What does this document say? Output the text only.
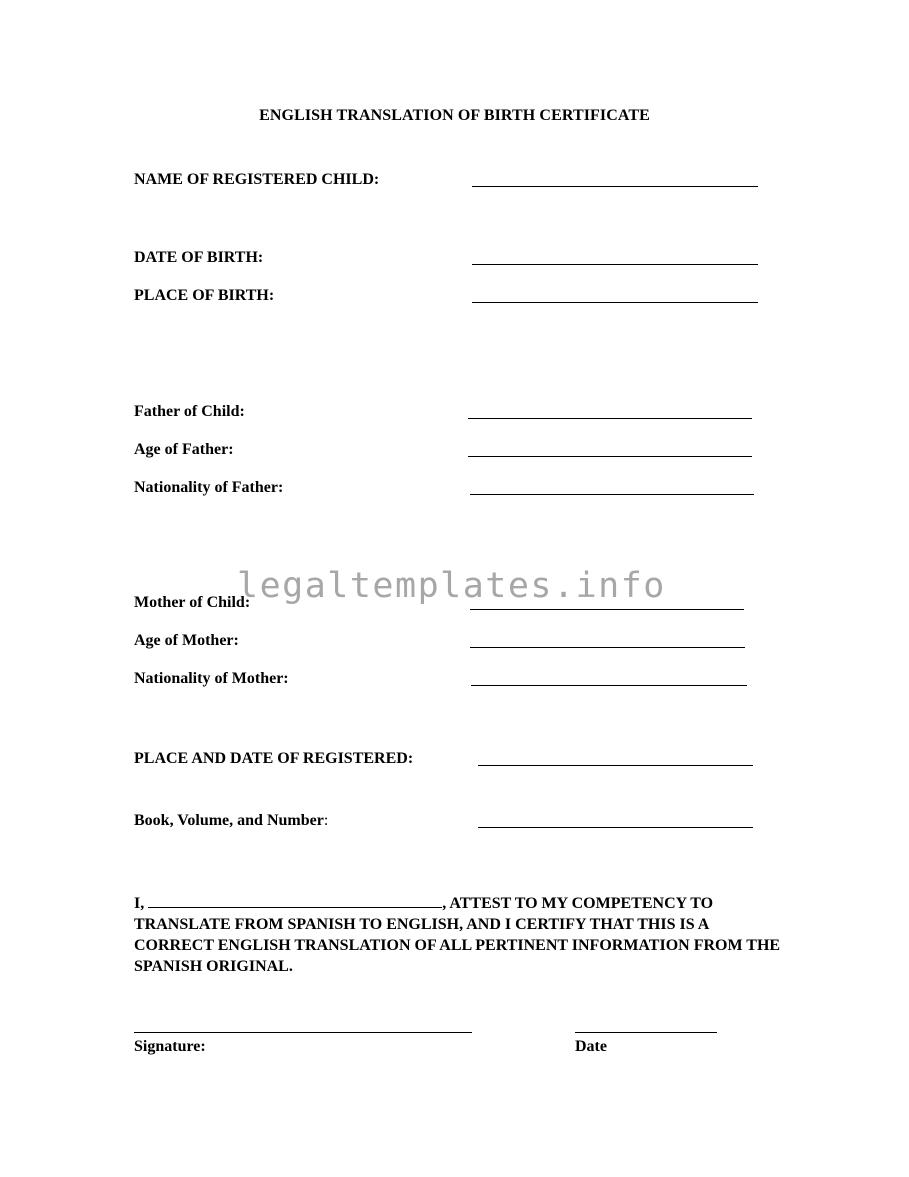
ENGLISH TRANSLATION OF BIRTH CERTIFICATE
NAME OF REGISTERED CHILD:
DATE OF BIRTH:
PLACE OF BIRTH:
Father of Child:
Age of Father:
Nationality of Father:
legaltemplates.info
Mother of Child:
Age of Mother:
Nationality of Mother:
PLACE AND DATE OF REGISTERED:
Book, Volume, and Number:
I,	, ATTEST TO MY COMPETENCY TO TRANSLATE FROM SPANISH TO ENGLISH, AND I CERTIFY THAT THIS IS A CORRECT ENGLISH TRANSLATION OF ALL PERTINENT INFORMATION FROM THE SPANISH ORIGINAL.
Signature:	Date
